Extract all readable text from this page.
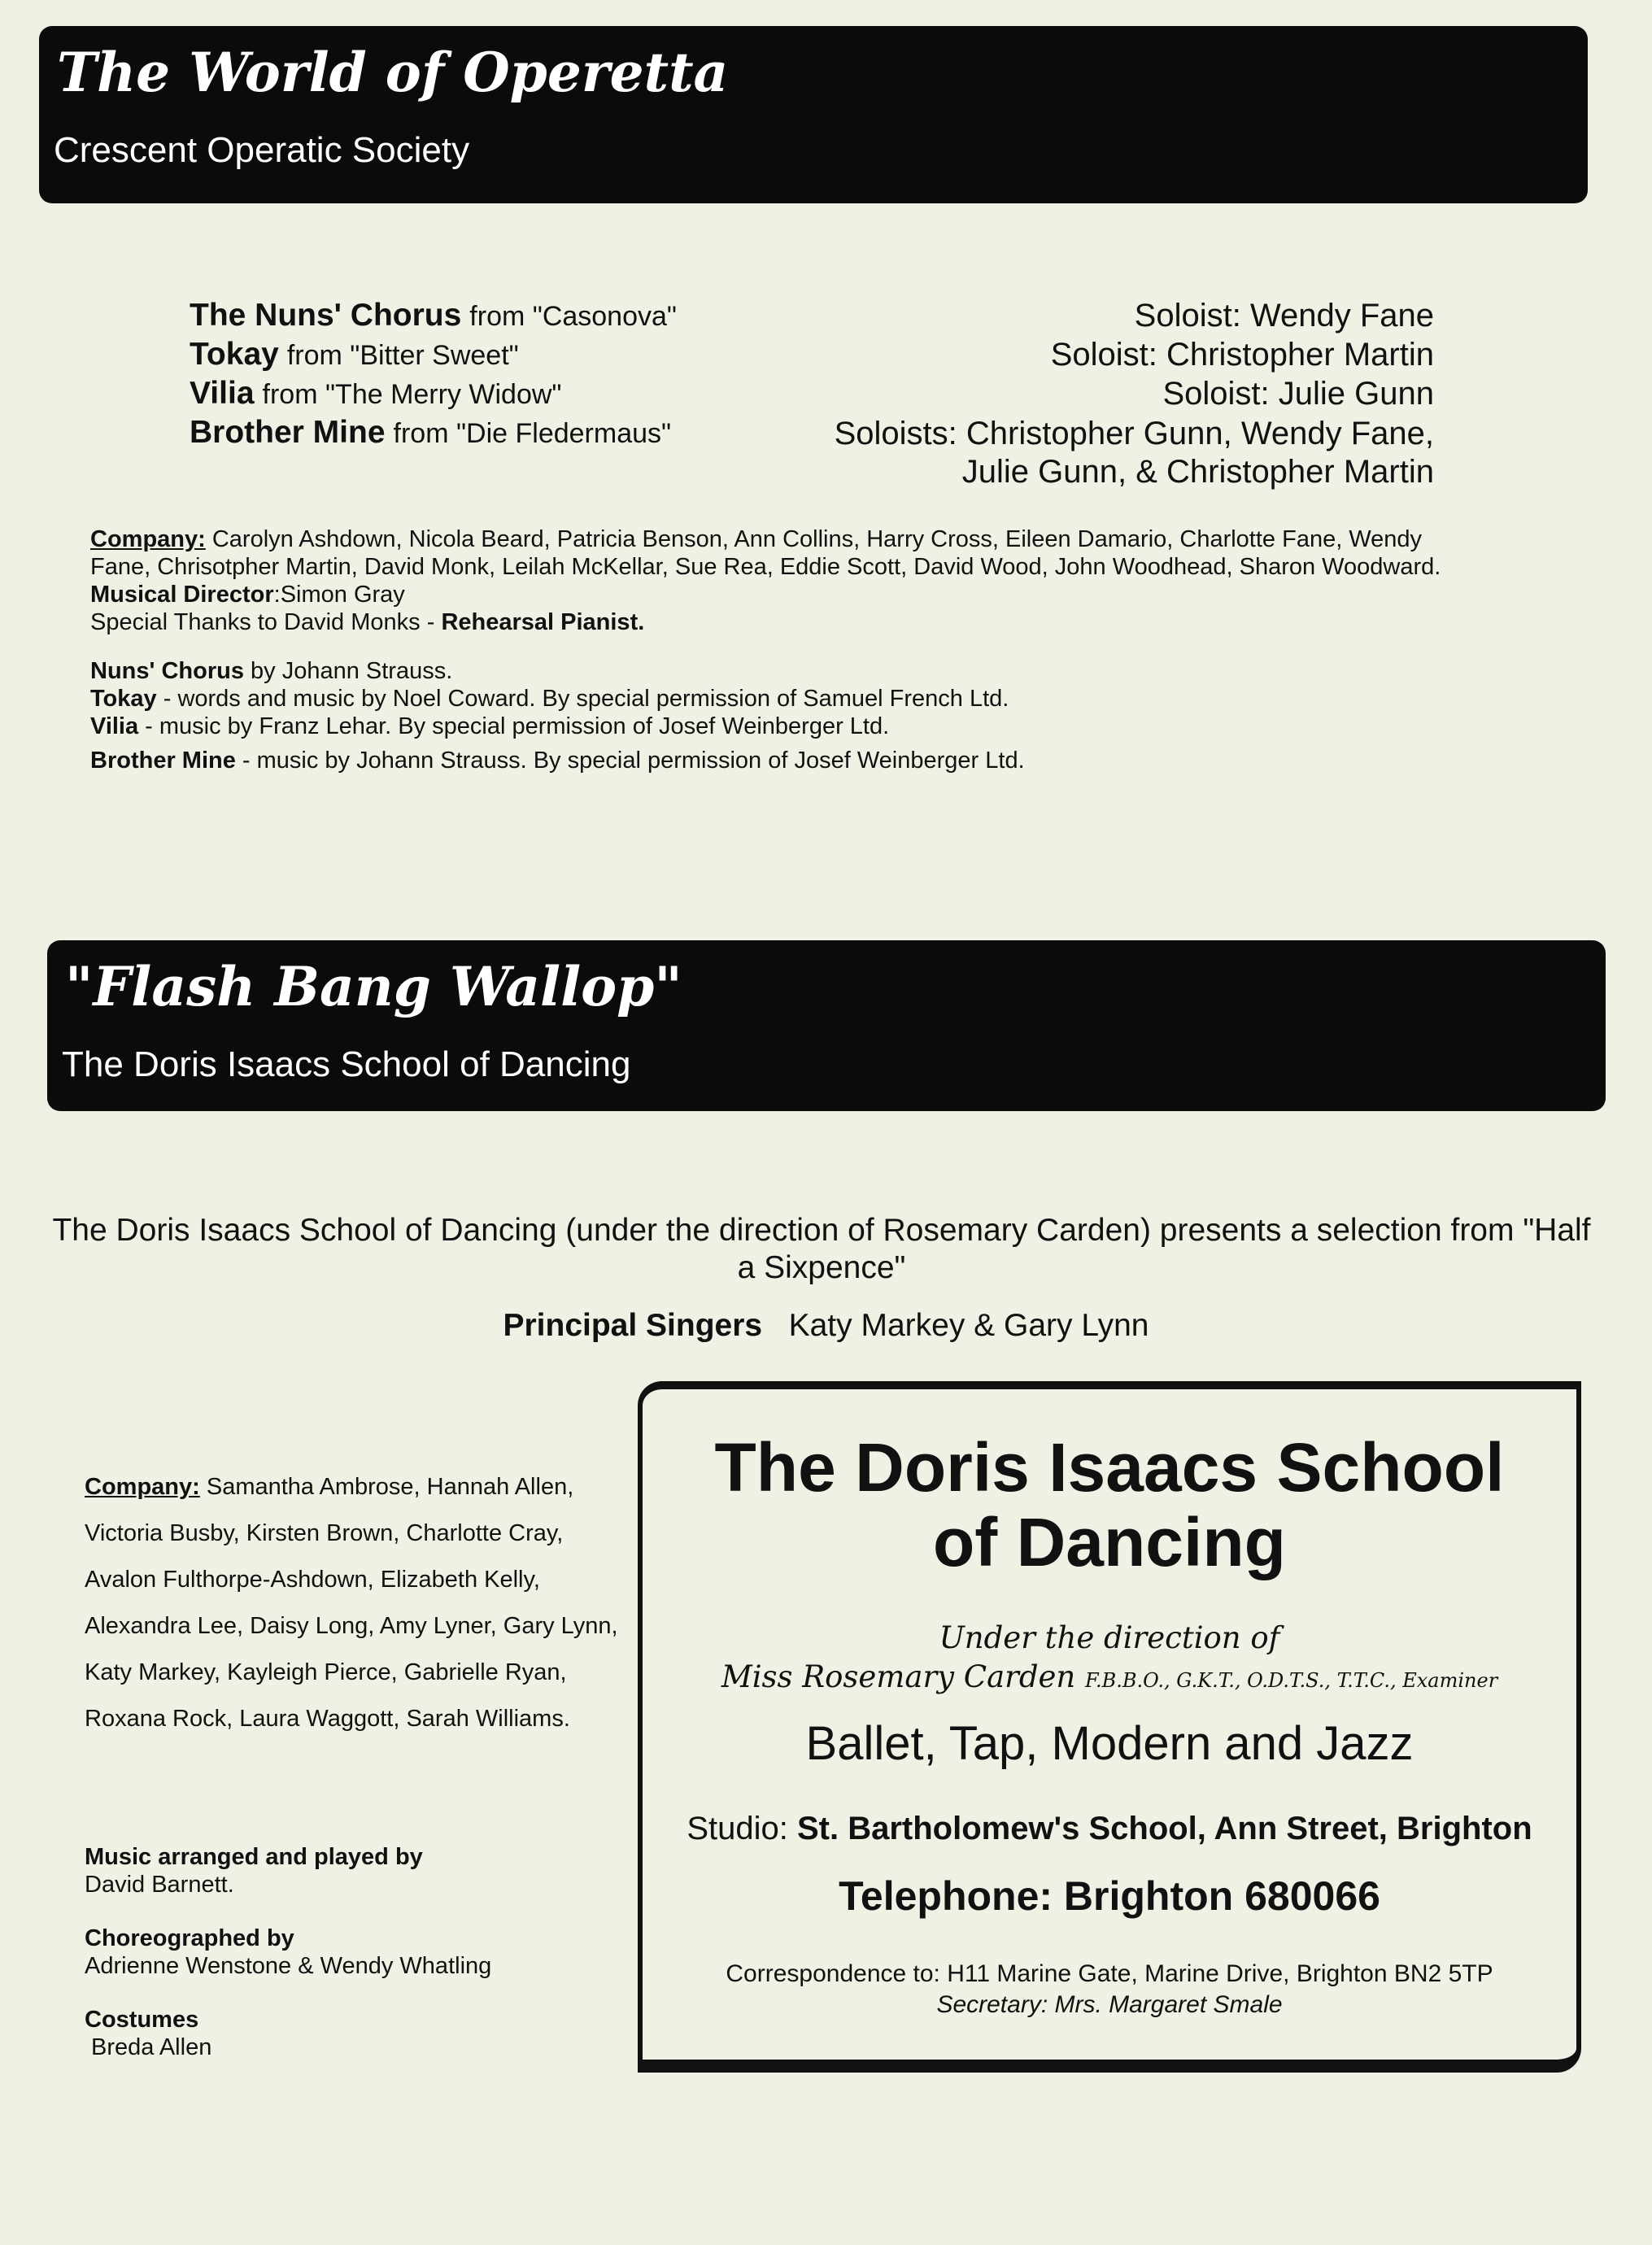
The World of Operetta
Crescent Operatic Society
The Nuns' Chorus from "Casonova"	Soloist: Wendy Fane
Tokay from "Bitter Sweet"	Soloist: Christopher Martin
Vilia from "The Merry Widow"	Soloist: Julie Gunn
Brother Mine from "Die Fledermaus"	Soloists: Christopher Gunn, Wendy Fane,
Julie Gunn, & Christopher Martin
Company: Carolyn Ashdown, Nicola Beard, Patricia Benson, Ann Collins, Harry Cross, Eileen Damario, Charlotte Fane, Wendy Fane, Chrisotpher Martin, David Monk, Leilah McKellar, Sue Rea, Eddie Scott, David Wood, John Woodhead, Sharon Woodward.
Musical Director:Simon Gray
Special Thanks to David Monks - Rehearsal Pianist.
Nuns' Chorus by Johann Strauss.
Tokay - words and music by Noel Coward. By special permission of Samuel French Ltd.
Vilia - music by Franz Lehar. By special permission of Josef Weinberger Ltd.
Brother Mine - music by Johann Strauss. By special permission of Josef Weinberger Ltd.
"Flash Bang Wallop"
The Doris Isaacs School of Dancing
The Doris Isaacs School of Dancing (under the direction of Rosemary Carden) presents a selection from "Half a Sixpence"
Principal Singers Katy Markey & Gary Lynn
Company: Samantha Ambrose, Hannah Allen, Victoria Busby, Kirsten Brown, Charlotte Cray, Avalon Fulthorpe-Ashdown, Elizabeth Kelly, Alexandra Lee, Daisy Long, Amy Lyner, Gary Lynn, Katy Markey, Kayleigh Pierce, Gabrielle Ryan, Roxana Rock, Laura Waggott, Sarah Williams.
Music arranged and played by
David Barnett.
Choreographed by
Adrienne Wenstone & Wendy Whatling
Costumes
Breda Allen
The Doris Isaacs School
of Dancing
Under the direction of
Miss Rosemary Carden F.B.B.O., G.K.T., O.D.T.S., T.T.C., Examiner
Ballet, Tap, Modern and Jazz
Studio: St. Bartholomew's School, Ann Street, Brighton
Telephone: Brighton 680066
Correspondence to: H11 Marine Gate, Marine Drive, Brighton BN2 5TP
Secretary: Mrs. Margaret Smale
